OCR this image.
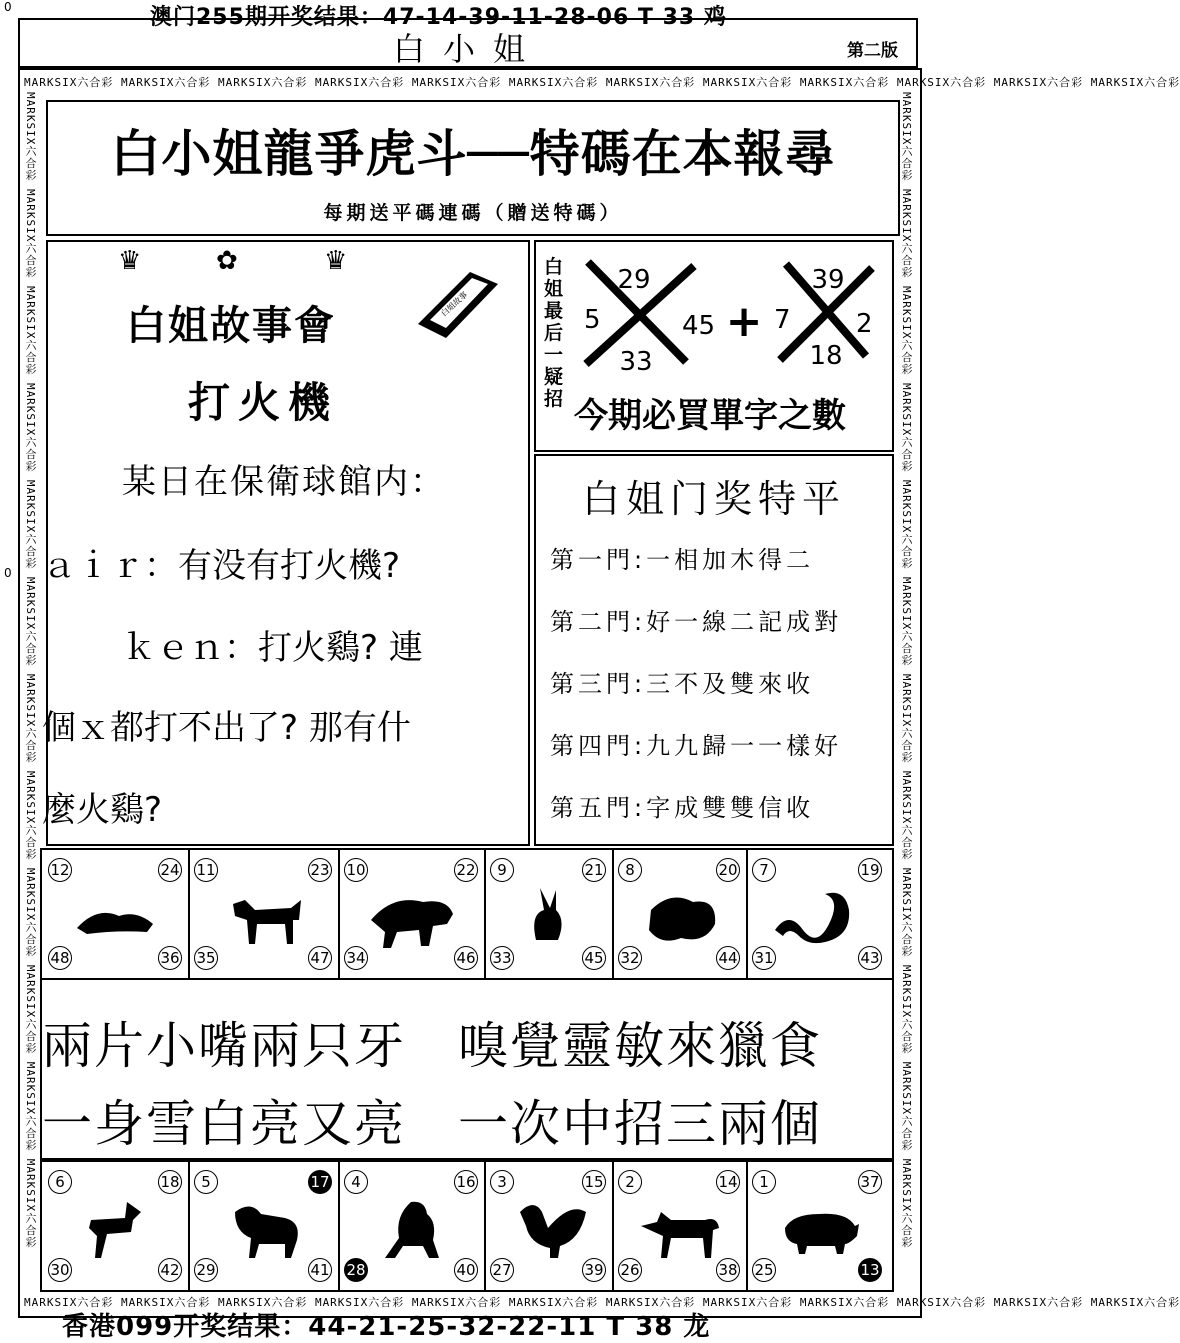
0
0
澳门255期开奖结果：47-14-39-11-28-06 T 33 鸡
白小姐	第二版
MARKSIX六合彩 MARKSIX六合彩 MARKSIX六合彩 MARKSIX六合彩 MARKSIX六合彩 MARKSIX六合彩 MARKSIX六合彩 MARKSIX六合彩 MARKSIX六合彩 MARKSIX六合彩 MARKSIX六合彩 MARKSIX六合彩
MARKSIX六合彩 MARKSIX六合彩 MARKSIX六合彩 MARKSIX六合彩 MARKSIX六合彩 MARKSIX六合彩 MARKSIX六合彩 MARKSIX六合彩 MARKSIX六合彩 MARKSIX六合彩 MARKSIX六合彩 MARKSIX六合彩
MARKSIX六合彩 MARKSIX六合彩 MARKSIX六合彩 MARKSIX六合彩 MARKSIX六合彩 MARKSIX六合彩 MARKSIX六合彩 MARKSIX六合彩 MARKSIX六合彩 MARKSIX六合彩 MARKSIX六合彩 MARKSIX六合彩	MARKSIX六合彩 MARKSIX六合彩 MARKSIX六合彩 MARKSIX六合彩 MARKSIX六合彩 MARKSIX六合彩 MARKSIX六合彩 MARKSIX六合彩 MARKSIX六合彩 MARKSIX六合彩 MARKSIX六合彩 MARKSIX六合彩
白小姐龍爭虎斗──特碼在本報尋
每期送平碼連碼（贈送特碼）
♛	✿	♛
白姐故事會	白姐故事
打火機
某日在保衛球館内：
ａｉｒ：有没有打火機?
ｋｅｎ：打火鷄? 連
個ｘ都打不出了? 那有什
麼火鷄?
白姐最后一疑招
29
5	45
33
+
39
7	2
18
今期必買單字之數
白姐门奖特平
第一門:一相加木得二
第二門:好一線二記成對
第三門:三不及雙來收
第四門:九九歸一一樣好
第五門:字成雙雙信收
12	24
48	36
11	23
35	47
10	22
34	46
9	21
33	45
8	20
32	44
7	19
31	43
兩片小嘴兩只牙　嗅覺靈敏來獵食
一身雪白亮又亮　一次中招三兩個
6	18
30	42
5	17
29	41
4	16
28	40
3	15
27	39
2	14
26	38
1	37
25	13
香港099开奖结果：44-21-25-32-22-11 T 38 龙
